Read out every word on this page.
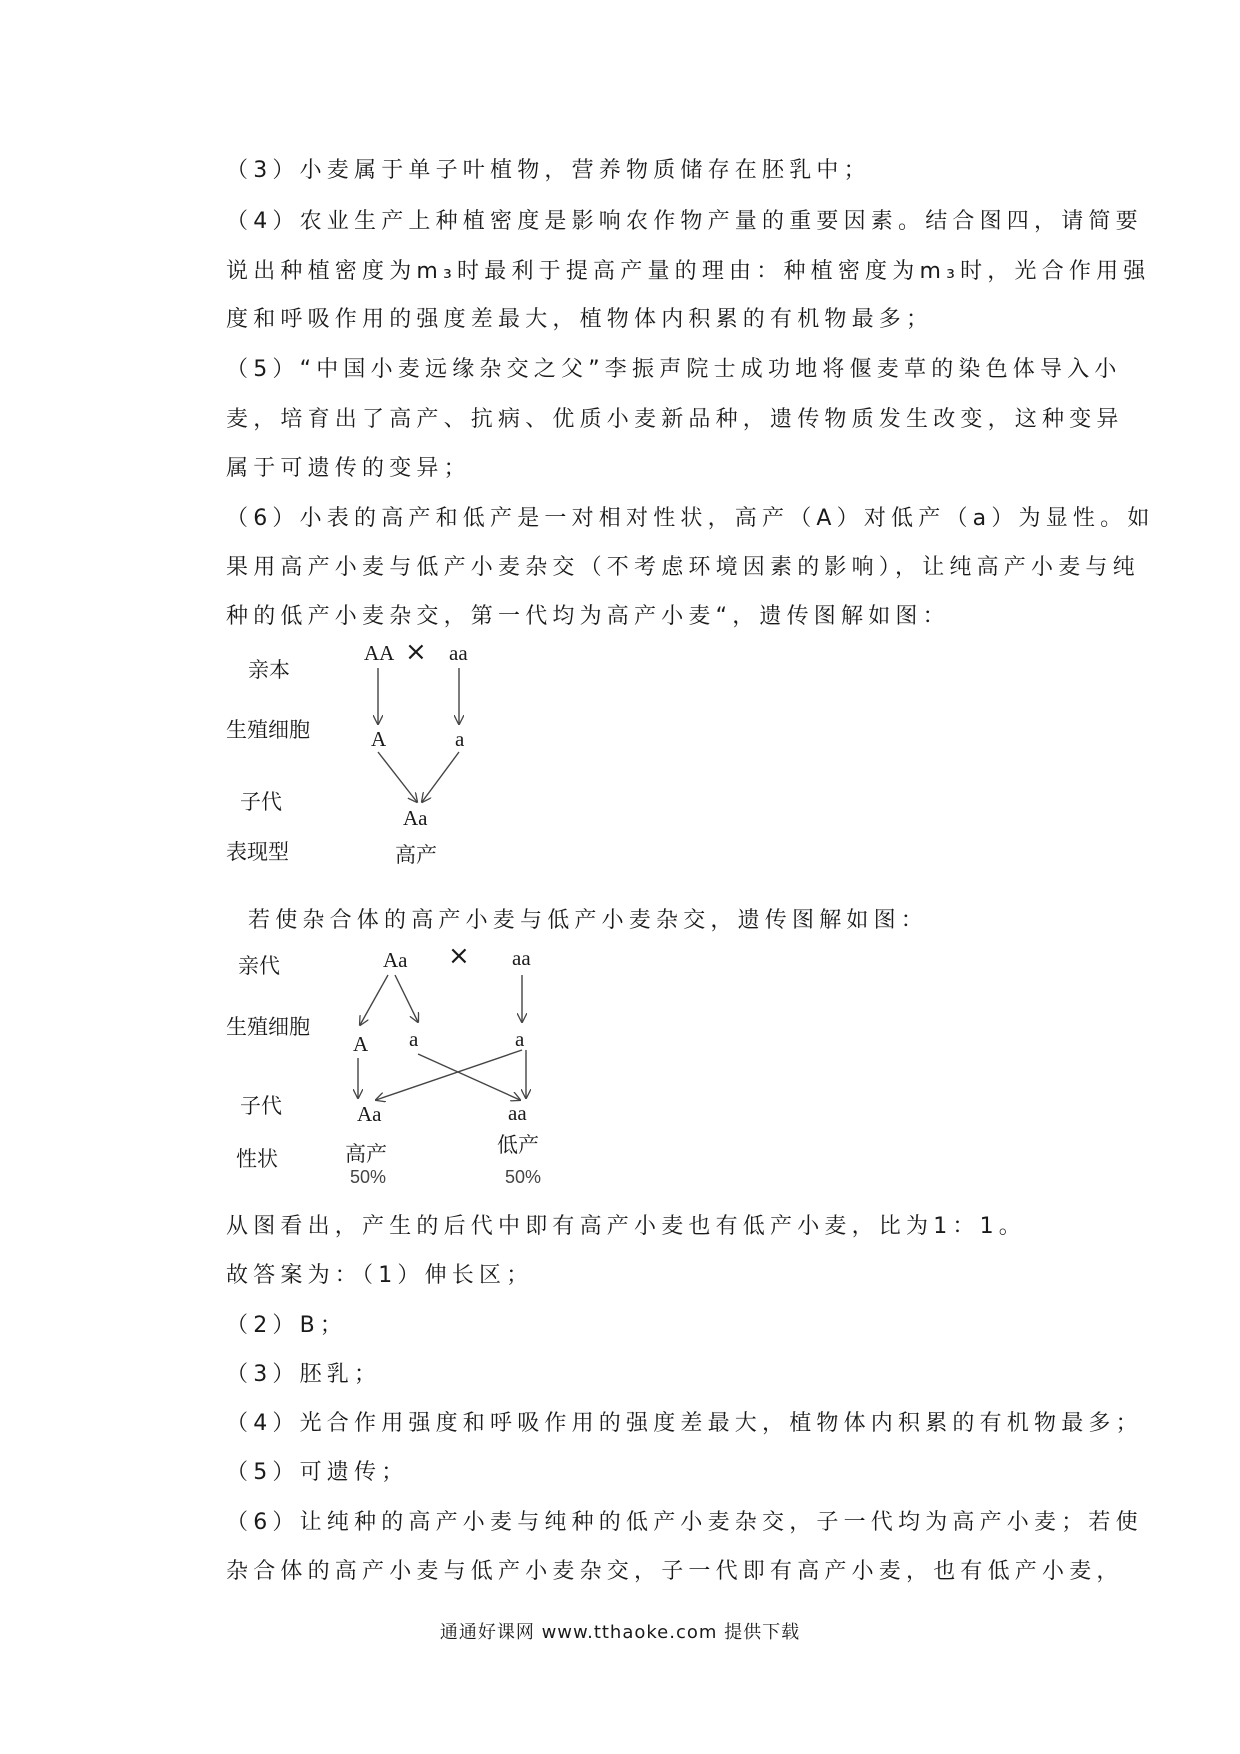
（3）小麦属于单子叶植物，营养物质储存在胚乳中；
（4）农业生产上种植密度是影响农作物产量的重要因素。结合图四，请简要
说出种植密度为m₃时最利于提高产量的理由：种植密度为m₃时，光合作用强
度和呼吸作用的强度差最大，植物体内积累的有机物最多；
（5）“中国小麦远缘杂交之父”李振声院士成功地将偃麦草的染色体导入小
麦，培育出了高产、抗病、优质小麦新品种，遗传物质发生改变，这种变异
属于可遗传的变异；
（6）小表的高产和低产是一对相对性状，高产（A）对低产（a）为显性。如
果用高产小麦与低产小麦杂交（不考虑环境因素的影响），让纯高产小麦与纯
种的低产小麦杂交，第一代均为高产小麦“，遗传图解如图：
亲本
生殖细胞
子代
表现型
AA × aa
A	a
Aa
高产
若使杂合体的高产小麦与低产小麦杂交，遗传图解如图：
亲代
生殖细胞
子代
性状
Aa × aa
A a	a
Aa	aa
高产	低产
50%	50%
从图看出，产生的后代中即有高产小麦也有低产小麦，比为1：1。
故答案为：（1）伸长区；
（2）B；
（3）胚乳；
（4）光合作用强度和呼吸作用的强度差最大，植物体内积累的有机物最多；
（5）可遗传；
（6）让纯种的高产小麦与纯种的低产小麦杂交，子一代均为高产小麦；若使
杂合体的高产小麦与低产小麦杂交，子一代即有高产小麦，也有低产小麦，
通通好课网 www.tthaoke.com 提供下载
